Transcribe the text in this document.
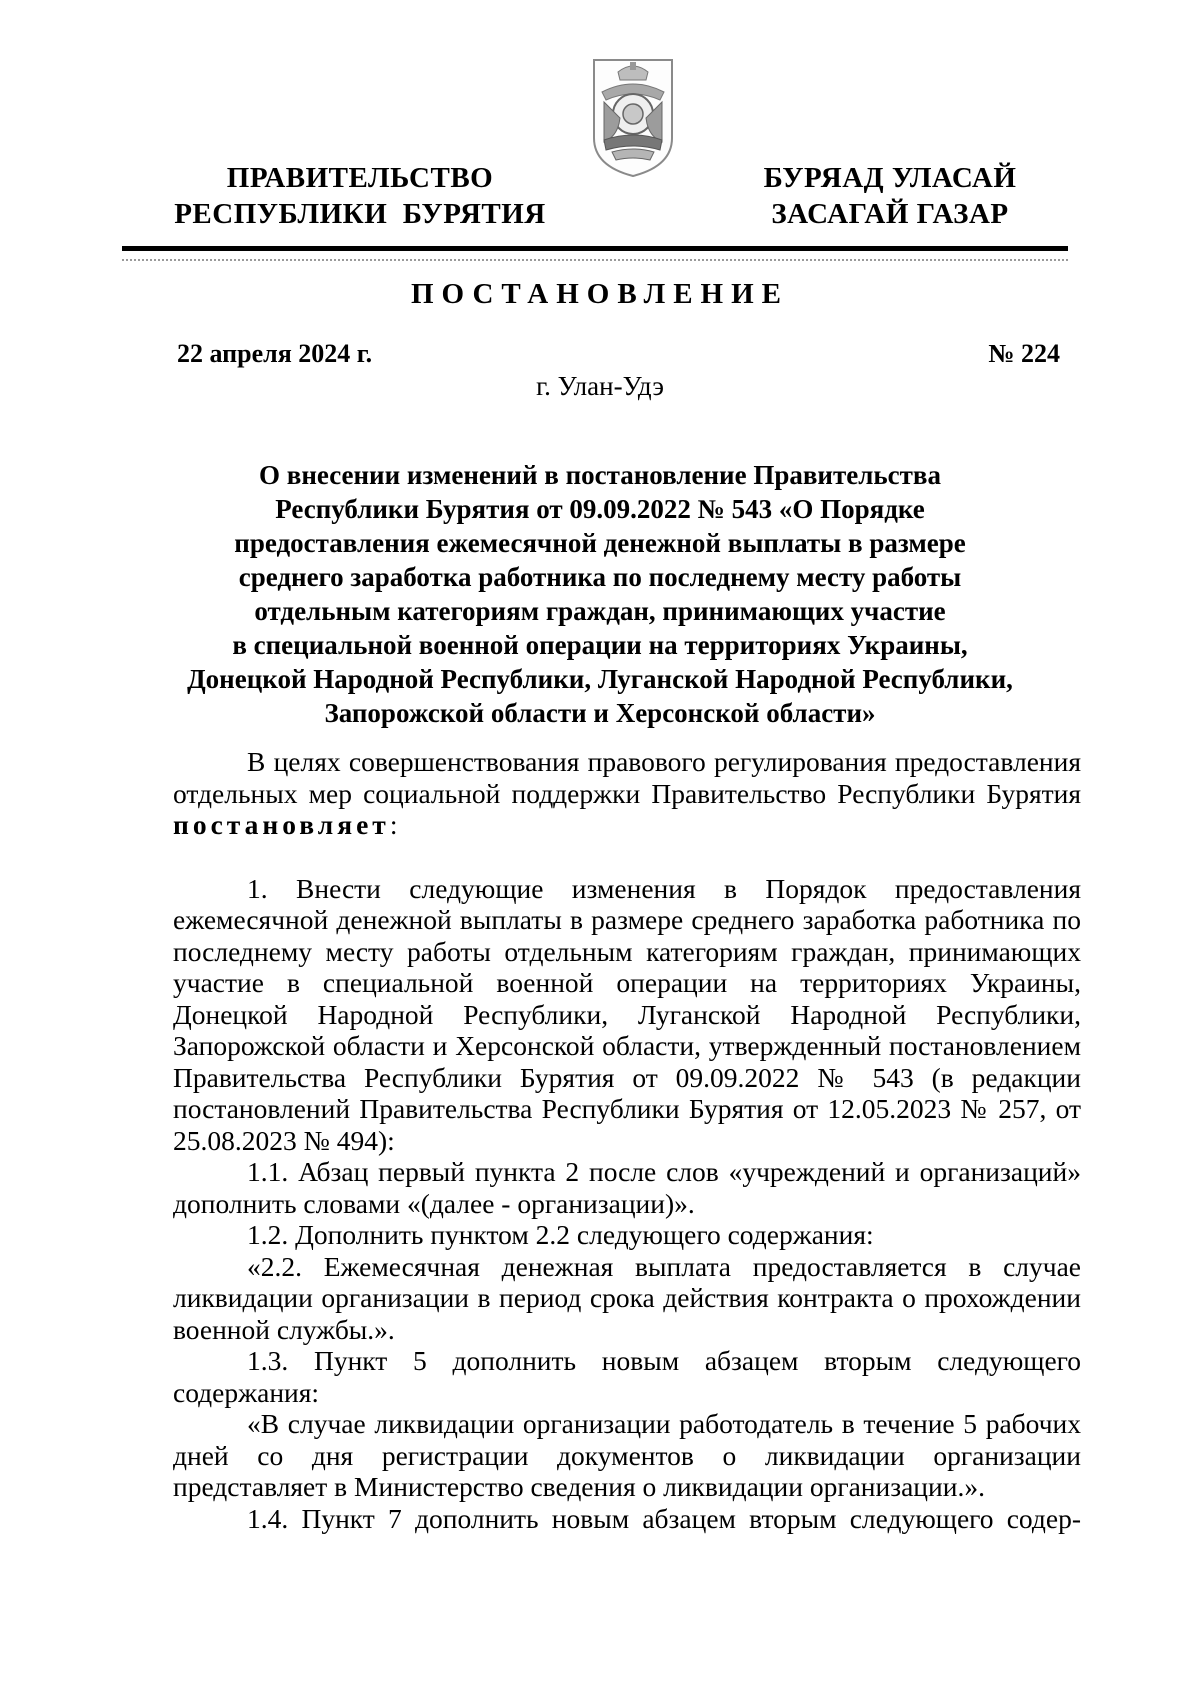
ПРАВИТЕЛЬСТВО
РЕСПУБЛИКИ  БУРЯТИЯ
БУРЯАД УЛАСАЙ
ЗАСАГАЙ ГАЗАР
ПОСТАНОВЛЕНИЕ
22 апреля 2024 г.	№ 224
г. Улан-Удэ
О внесении изменений в постановление Правительства
Республики Бурятия от 09.09.2022 № 543 «О Порядке
предоставления ежемесячной денежной выплаты в размере
среднего заработка работника по последнему месту работы
отдельным категориям граждан, принимающих участие
в специальной военной операции на территориях Украины,
Донецкой Народной Республики, Луганской Народной Республики,
Запорожской области и Херсонской области»

В целях совершенствования правового регулирования предоставления отдельных мер социальной поддержки Правительство Республики Бурятия постановляет:

1. Внести следующие изменения в Порядок предоставления ежемесячной денежной выплаты в размере среднего заработка работника по последнему месту работы отдельным категориям граждан, принимающих участие в специальной военной операции на территориях Украины, Донецкой Народной Республики, Луганской Народной Республики, Запорожской области и Херсонской области, утвержденный постановлением Правительства Республики Бурятия от 09.09.2022 № 543 (в редакции постановлений Правительства Республики Бурятия от 12.05.2023 № 257, от 25.08.2023 № 494):

1.1. Абзац первый пункта 2 после слов «учреждений и организаций» дополнить словами «(далее - организации)».

1.2. Дополнить пунктом 2.2 следующего содержания:

«2.2. Ежемесячная денежная выплата предоставляется в случае ликвидации организации в период срока действия контракта о прохождении военной службы.».

1.3. Пункт 5 дополнить новым абзацем вторым следующего содержания:

«В случае ликвидации организации работодатель в течение 5 рабочих дней со дня регистрации документов о ликвидации организации представляет в Министерство сведения о ликвидации организации.».

1.4. Пункт 7 дополнить новым абзацем вторым следующего содер-
